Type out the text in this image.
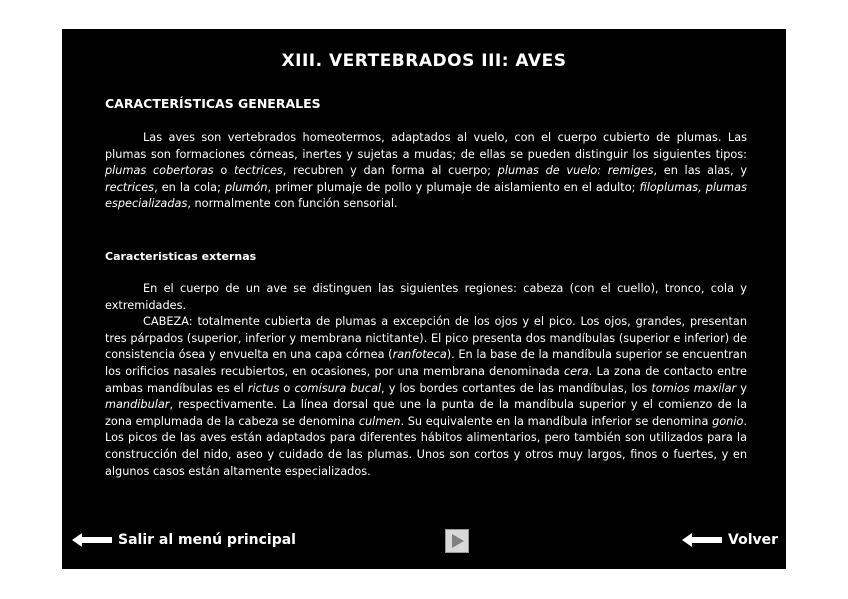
XIII. VERTEBRADOS III: AVES
CARACTERÍSTICAS GENERALES

Las aves son vertebrados homeotermos, adaptados al vuelo, con el cuerpo cubierto de plumas. Las plumas son formaciones córneas, inertes y sujetas a mudas; de ellas se pueden distinguir los siguientes tipos: plumas cobertoras o tectrices, recubren y dan forma al cuerpo; plumas de vuelo: remiges, en las alas, y rectrices, en la cola; plumón, primer plumaje de pollo y plumaje de aislamiento en el adulto; filoplumas, plumas especializadas, normalmente con función sensorial.

Caracteristicas externas

En el cuerpo de un ave se distinguen las siguientes regiones: cabeza (con el cuello), tronco, cola y extremidades.

CABEZA: totalmente cubierta de plumas a excepción de los ojos y el pico. Los ojos, grandes, presentan tres párpados (superior, inferior y membrana nictitante). El pico presenta dos mandíbulas (superior e inferior) de consistencia ósea y envuelta en una capa córnea (ranfoteca). En la base de la mandíbula superior se encuentran los orificios nasales recubiertos, en ocasiones, por una membrana denominada cera. La zona de contacto entre ambas mandíbulas es el rictus o comisura bucal, y los bordes cortantes de las mandíbulas, los tomios maxilar y mandibular, respectivamente. La línea dorsal que une la punta de la mandíbula superior y el comienzo de la zona emplumada de la cabeza se denomina culmen. Su equivalente en la mandíbula inferior se denomina gonio. Los picos de las aves están adaptados para diferentes hábitos alimentarios, pero también son utilizados para la construcción del nido, aseo y cuidado de las plumas. Unos son cortos y otros muy largos, finos o fuertes, y en algunos casos están altamente especializados.

Salir al menú principal	Volver
